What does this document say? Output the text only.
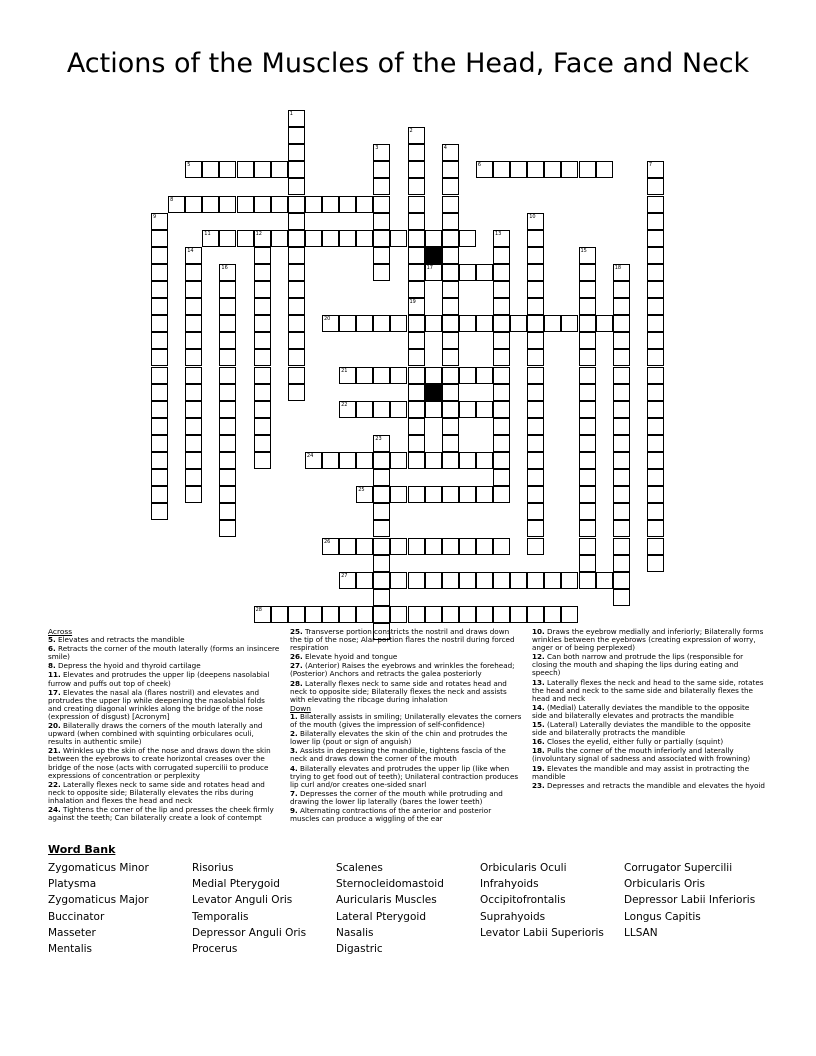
Actions of the Muscles of the Head, Face and Neck
5	6
8
11	12
17
20
21
22
24
25
26
27
28
1
2
19
3	4
7
9	10
13
14	15
16	18
23
Across
5. Elevates and retracts the mandible
6. Retracts the corner of the mouth laterally (forms an insincere smile)
8. Depress the hyoid and thyroid cartilage
11. Elevates and protrudes the upper lip (deepens nasolabial furrow and puffs out top of cheek)
17. Elevates the nasal ala (flares nostril) and elevates and protrudes the upper lip while deepening the nasolabial folds and creating diagonal wrinkles along the bridge of the nose (expression of disgust) [Acronym]
20. Bilaterally draws the corners of the mouth laterally and upward (when combined with squinting orbiculares oculi, results in authentic smile)
21. Wrinkles up the skin of the nose and draws down the skin between the eyebrows to create horizontal creases over the bridge of the nose (acts with corrugated supercilii to produce expressions of concentration or perplexity
22. Laterally flexes neck to same side and rotates head and neck to opposite side; Bilaterally elevates the ribs during inhalation and flexes the head and neck
24. Tightens the corner of the lip and presses the cheek firmly against the teeth; Can bilaterally create a look of contempt
25. Transverse portion constricts the nostril and draws down the tip of the nose; Alar portion flares the nostril during forced respiration
26. Elevate hyoid and tongue
27. (Anterior) Raises the eyebrows and wrinkles the forehead; (Posterior) Anchors and retracts the galea posteriorly
28. Laterally flexes neck to same side and rotates head and neck to opposite side; Bilaterally flexes the neck and assists with elevating the ribcage during inhalation
Down
1. Bilaterally assists in smiling; Unilaterally elevates the corners of the mouth (gives the impression of self-confidence)
2. Bilaterally elevates the skin of the chin and protrudes the lower lip (pout or sign of anguish)
3. Assists in depressing the mandible, tightens fascia of the neck and draws down the corner of the mouth
4. Bilaterally elevates and protrudes the upper lip (like when trying to get food out of teeth); Unilateral contraction produces lip curl and/or creates one-sided snarl
7. Depresses the corner of the mouth while protruding and drawing the lower lip laterally (bares the lower teeth)
9. Alternating contractions of the anterior and posterior muscles can produce a wiggling of the ear
10. Draws the eyebrow medially and inferiorly; Bilaterally forms wrinkles between the eyebrows (creating expression of worry, anger or of being perplexed)
12. Can both narrow and protrude the lips (responsible for closing the mouth and shaping the lips during eating and speech)
13. Laterally flexes the neck and head to the same side, rotates the head and neck to the same side and bilaterally flexes the head and neck
14. (Medial) Laterally deviates the mandible to the opposite side and bilaterally elevates and protracts the mandible
15. (Lateral) Laterally deviates the mandible to the opposite side and bilaterally protracts the mandible
16. Closes the eyelid, either fully or partially (squint)
18. Pulls the corner of the mouth inferiorly and laterally (involuntary signal of sadness and associated with frowning)
19. Elevates the mandible and may assist in protracting the mandible
23. Depresses and retracts the mandible and elevates the hyoid
Word Bank
Zygomaticus Minor
Platysma
Zygomaticus Major
Buccinator
Masseter
Mentalis
Risorius
Medial Pterygoid
Levator Anguli Oris
Temporalis
Depressor Anguli Oris
Procerus
Scalenes
Sternocleidomastoid
Auricularis Muscles
Lateral Pterygoid
Nasalis
Digastric
Orbicularis Oculi
Infrahyoids
Occipitofrontalis
Suprahyoids
Levator Labii Superioris
Corrugator Supercilii
Orbicularis Oris
Depressor Labii Inferioris
Longus Capitis
LLSAN
